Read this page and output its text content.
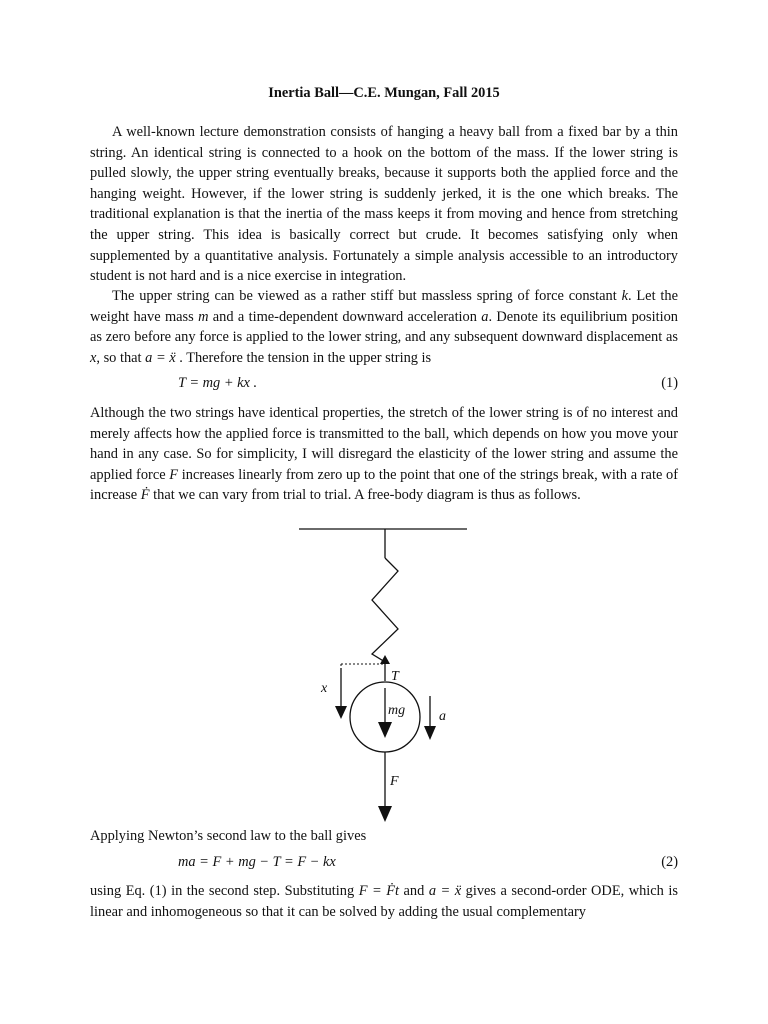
Inertia Ball—C.E. Mungan, Fall 2015
A well-known lecture demonstration consists of hanging a heavy ball from a fixed bar by a thin string. An identical string is connected to a hook on the bottom of the mass. If the lower string is pulled slowly, the upper string eventually breaks, because it supports both the applied force and the hanging weight. However, if the lower string is suddenly jerked, it is the one which breaks. The traditional explanation is that the inertia of the mass keeps it from moving and hence from stretching the upper string. This idea is basically correct but crude. It becomes satisfying only when supplemented by a quantitative analysis. Fortunately a simple analysis accessible to an introductory student is not hard and is a nice exercise in integration.
The upper string can be viewed as a rather stiff but massless spring of force constant k. Let the weight have mass m and a time-dependent downward acceleration a. Denote its equilibrium position as zero before any force is applied to the lower string, and any subsequent downward displacement as x, so that a = ẍ . Therefore the tension in the upper string is
T = mg + kx .	(1)
Although the two strings have identical properties, the stretch of the lower string is of no interest and merely affects how the applied force is transmitted to the ball, which depends on how you move your hand in any case. So for simplicity, I will disregard the elasticity of the lower string and assume the applied force F increases linearly from zero up to the point that one of the strings break, with a rate of increase Ḟ that we can vary from trial to trial. A free-body diagram is thus as follows.
Applying Newton’s second law to the ball gives
ma = F + mg − T = F − kx	(2)
using Eq. (1) in the second step. Substituting F = Ḟt and a = ẍ gives a second-order ODE, which is linear and inhomogeneous so that it can be solved by adding the usual complementary
T
x
mg a
F
